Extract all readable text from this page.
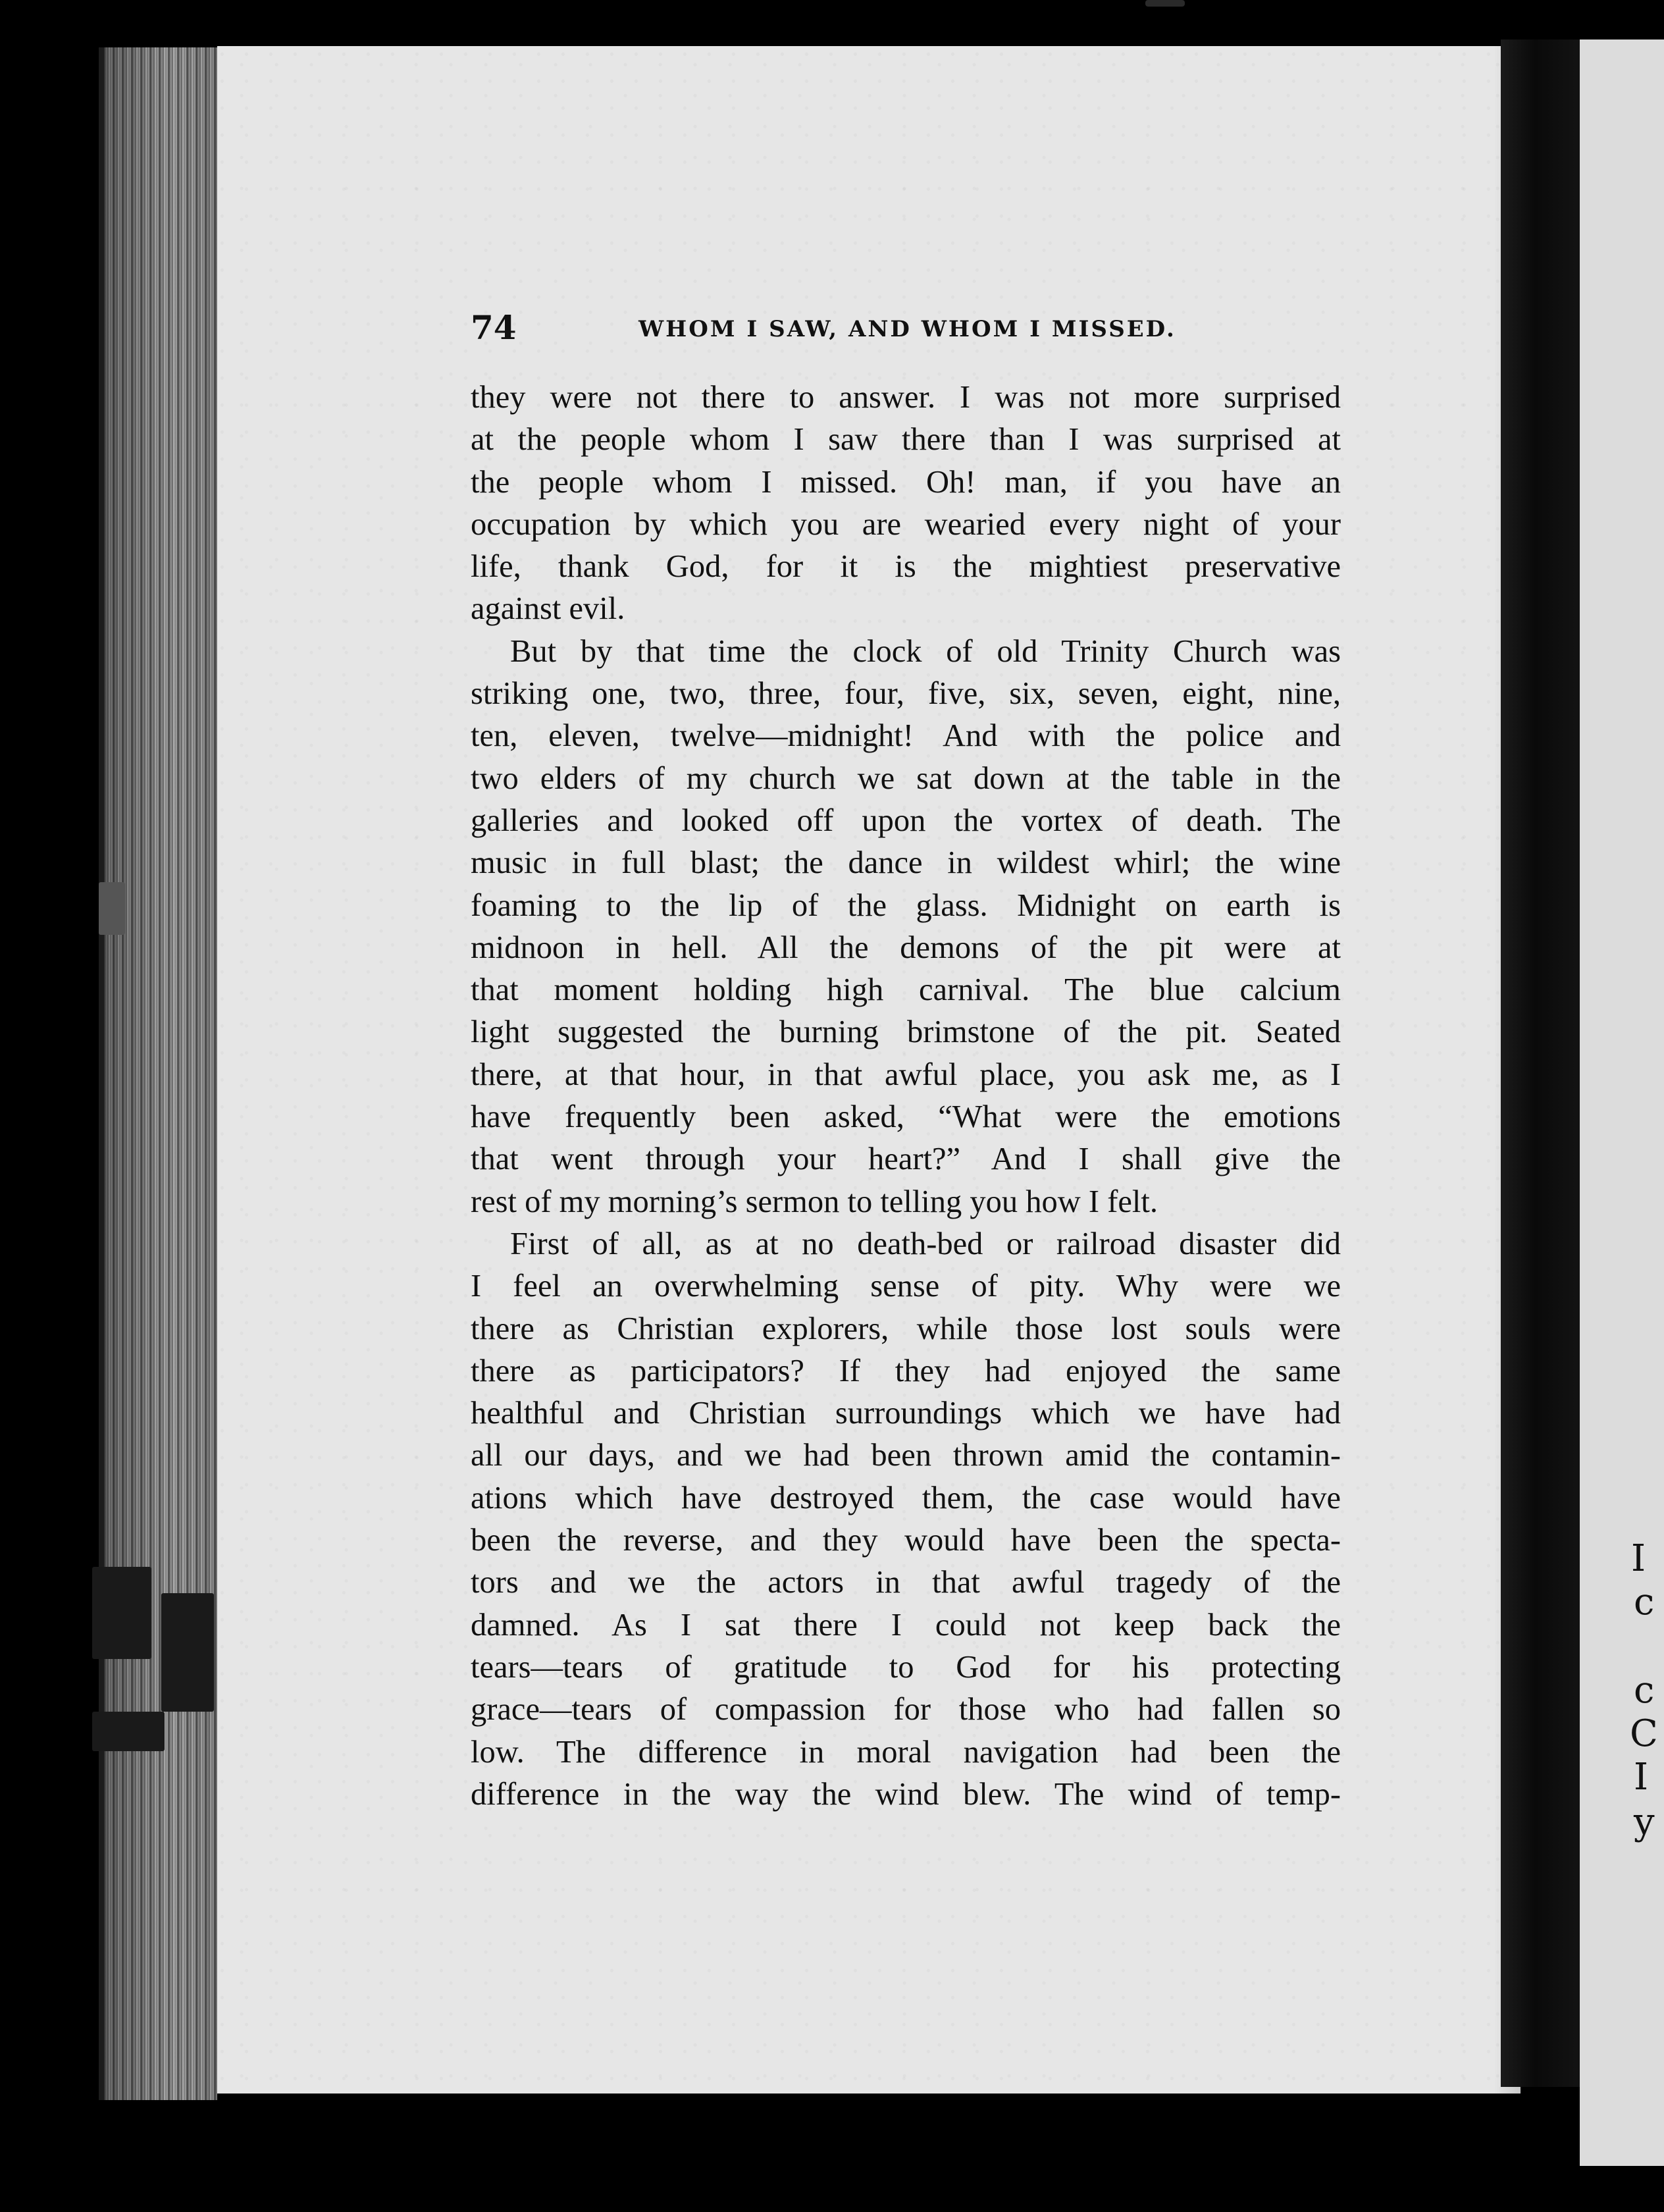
I
c
c
C
I
y
74	WHOM I SAW, AND WHOM I MISSED.
they were not there to answer. I was not more surprised
at the people whom I saw there than I was surprised at
the people whom I missed. Oh! man, if you have an
occupation by which you are wearied every night of your
life, thank God, for it is the mightiest preservative
against evil.
But by that time the clock of old Trinity Church was
striking one, two, three, four, five, six, seven, eight, nine,
ten, eleven, twelve—midnight! And with the police and
two elders of my church we sat down at the table in the
galleries and looked off upon the vortex of death. The
music in full blast; the dance in wildest whirl; the wine
foaming to the lip of the glass. Midnight on earth is
midnoon in hell. All the demons of the pit were at
that moment holding high carnival. The blue calcium
light suggested the burning brimstone of the pit. Seated
there, at that hour, in that awful place, you ask me, as I
have frequently been asked, “What were the emotions
that went through your heart?” And I shall give the
rest of my morning’s sermon to telling you how I felt.
First of all, as at no death-bed or railroad disaster did
I feel an overwhelming sense of pity. Why were we
there as Christian explorers, while those lost souls were
there as participators? If they had enjoyed the same
healthful and Christian surroundings which we have had
all our days, and we had been thrown amid the contamin-
ations which have destroyed them, the case would have
been the reverse, and they would have been the specta-
tors and we the actors in that awful tragedy of the
damned. As I sat there I could not keep back the
tears—tears of gratitude to God for his protecting
grace—tears of compassion for those who had fallen so
low. The difference in moral navigation had been the
difference in the way the wind blew. The wind of temp-
